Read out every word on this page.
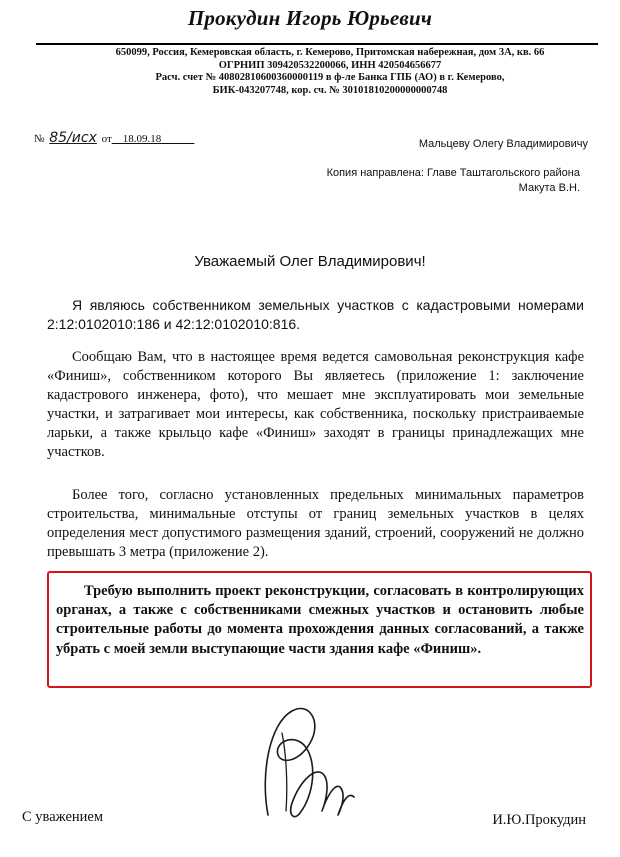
Прокудин Игорь Юрьевич
650099, Россия, Кемеровская область, г. Кемерово, Притомская набережная, дом 3А, кв. 66
ОГРНИП 309420532200066, ИНН 420504656677
Расч. счет № 40802810600360000119 в ф-ле Банка ГПБ (АО) в г. Кемерово,
БИК-043207748, кор. сч. № 30101810200000000748
№ 85/исх от__18.09.18______	Мальцеву Олегу Владимировичу
Копия направлена: Главе Таштагольского района
Макута В.Н.
Уважаемый Олег Владимирович!
Я являюсь собственником земельных участков с кадастровыми номерами 2:12:0102010:186 и 42:12:0102010:816.
Сообщаю Вам, что в настоящее время ведется самовольная реконструкция кафе «Финиш», собственником которого Вы являетесь (приложение 1: заключение кадастрового инженера, фото), что мешает мне эксплуатировать мои земельные участки, и затрагивает мои интересы, как собственника, поскольку пристраиваемые ларьки, а также крыльцо кафе «Финиш» заходят в границы принадлежащих мне участков.
Более того, согласно установленных предельных минимальных параметров строительства, минимальные отступы от границ земельных участков в целях определения мест допустимого размещения зданий, строений, сооружений не должно превышать 3 метра (приложение 2).
Требую выполнить проект реконструкции, согласовать в контролирующих органах, а также с собственниками смежных участков и остановить любые строительные работы до момента прохождения данных согласований, а также убрать с моей земли выступающие части здания кафе «Финиш».
С уважением	И.Ю.Прокудин
